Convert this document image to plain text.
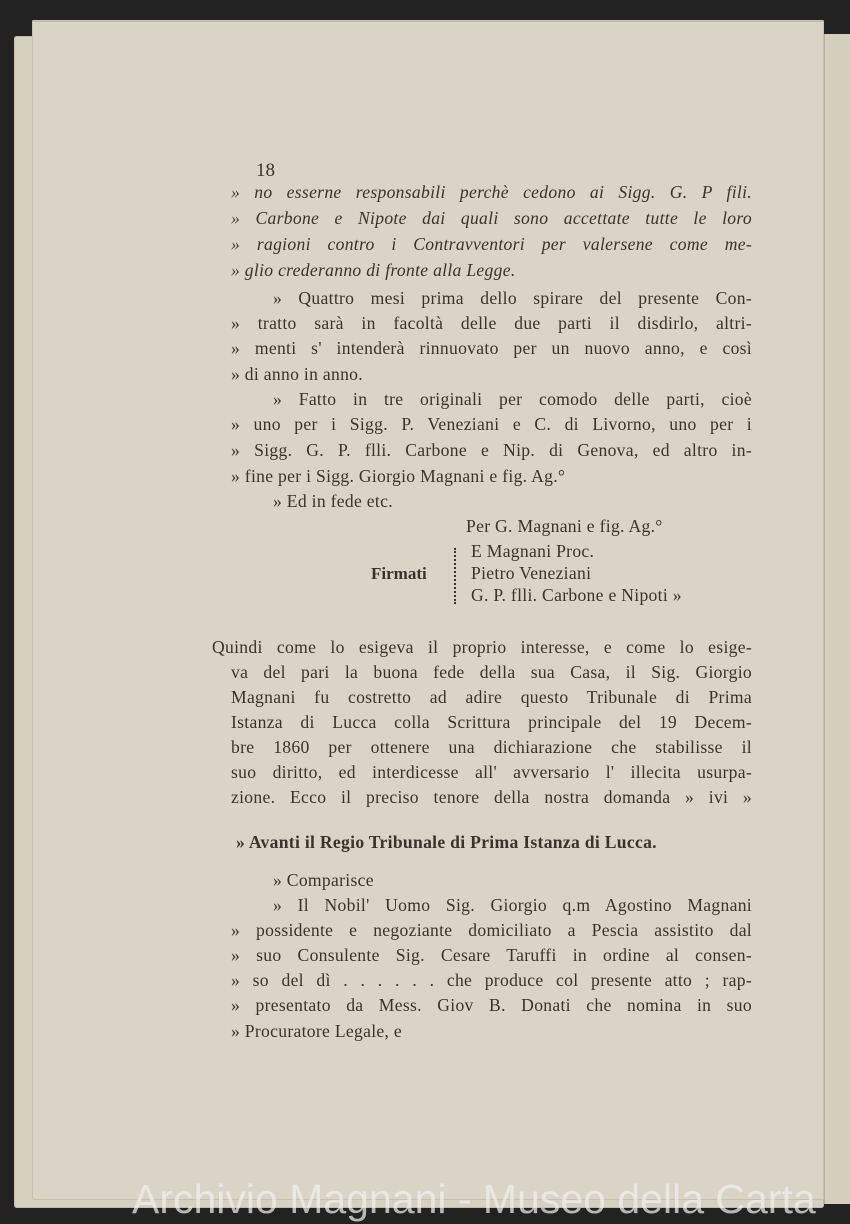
18
» no esserne responsabili perchè cedono ai Sigg. G. P fili.
» Carbone e Nipote dai quali sono accettate tutte le loro
» ragioni contro i Contravventori per valersene come me-
» glio crederanno di fronte alla Legge.
» Quattro mesi prima dello spirare del presente Con-
» tratto sarà in facoltà delle due parti il disdirlo, altri-
» menti s' intenderà rinnuovato per un nuovo anno, e così
» di anno in anno.
» Fatto in tre originali per comodo delle parti, cioè
» uno per i Sigg. P. Veneziani e C. di Livorno, uno per i
» Sigg. G. P. flli. Carbone e Nip. di Genova, ed altro in-
» fine per i Sigg. Giorgio Magnani e fig. Ag.°
» Ed in fede etc.
Per G. Magnani e fig. Ag.°
E Magnani Proc.
Pietro Veneziani
G. P. flli. Carbone e Nipoti »
Firmati
Quindi come lo esigeva il proprio interesse, e come lo esige-
va del pari la buona fede della sua Casa, il Sig. Giorgio
Magnani fu costretto ad adire questo Tribunale di Prima
Istanza di Lucca colla Scrittura principale del 19 Decem-
bre 1860 per ottenere una dichiarazione che stabilisse il
suo diritto, ed interdicesse all' avversario l' illecita usurpa-
zione. Ecco il preciso tenore della nostra domanda » ivi »
» Avanti il Regio Tribunale di Prima Istanza di Lucca.
» Comparisce
» Il Nobil' Uomo Sig. Giorgio q.m Agostino Magnani
» possidente e negoziante domiciliato a Pescia assistito dal
» suo Consulente Sig. Cesare Taruffi in ordine al consen-
» so del dì . . . . . . che produce col presente atto ; rap-
» presentato da Mess. Giov B. Donati che nomina in suo
» Procuratore Legale, e
Archivio Magnani - Museo della Carta
